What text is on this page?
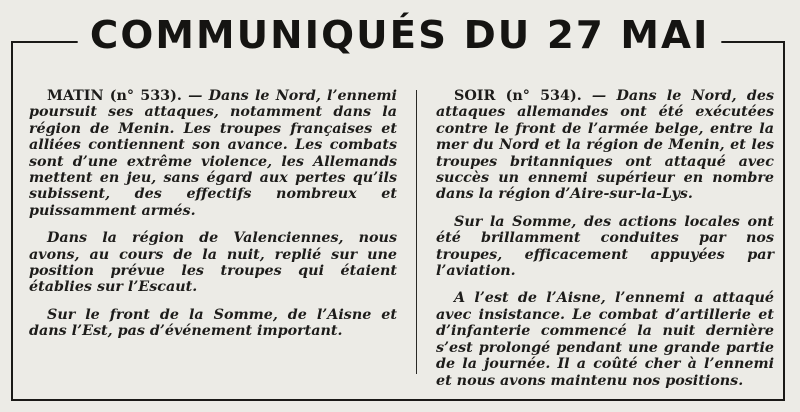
COMMUNIQUÉS DU 27 MAI

MATIN (n° 533). — Dans le Nord, l’ennemi poursuit ses attaques, notamment dans la région de Menin. Les troupes françaises et alliées contiennent son avance. Les combats sont d’une extrême violence, les Allemands mettent en jeu, sans égard aux pertes qu’ils subissent, des effectifs nombreux et puissamment armés.

Dans la région de Valenciennes, nous avons, au cours de la nuit, replié sur une position prévue les troupes qui étaient établies sur l’Escaut.

Sur le front de la Somme, de l’Aisne et dans l’Est, pas d’événement important.

SOIR (n° 534). — Dans le Nord, des attaques allemandes ont été exécutées contre le front de l’armée belge, entre la mer du Nord et la région de Menin, et les troupes britanniques ont attaqué avec succès un ennemi supérieur en nombre dans la région d’Aire-sur-la-Lys.

Sur la Somme, des actions locales ont été brillamment conduites par nos troupes, efficacement appuyées par l’aviation.

A l’est de l’Aisne, l’ennemi a attaqué avec insistance. Le combat d’artillerie et d’infanterie commencé la nuit dernière s’est prolongé pendant une grande partie de la journée. Il a coûté cher à l’ennemi et nous avons maintenu nos positions.
